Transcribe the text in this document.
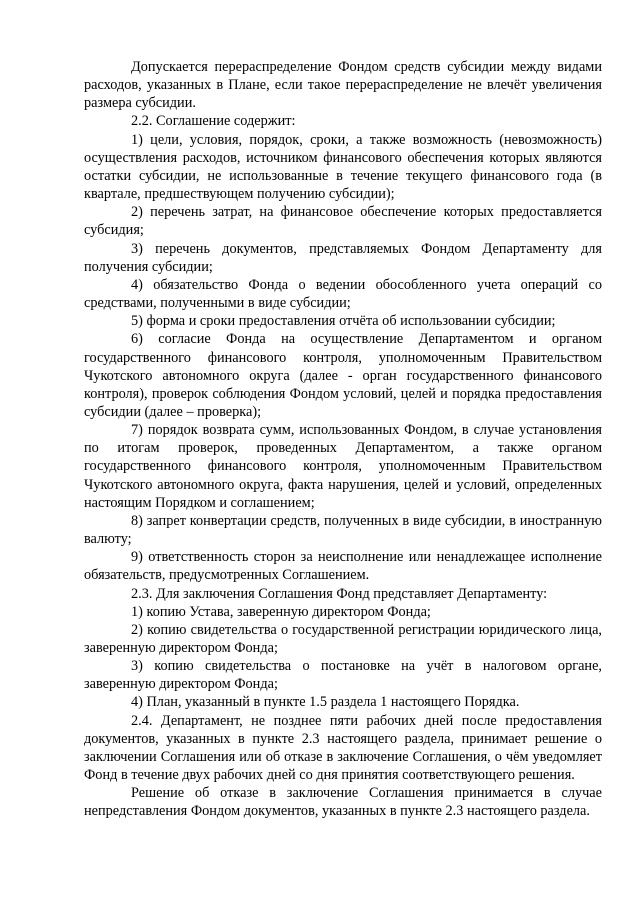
Допускается перераспределение Фондом средств субсидии между видами расходов, указанных в Плане, если такое перераспределение не влечёт увеличения размера субсидии.

2.2. Соглашение содержит:

1) цели, условия, порядок, сроки, а также возможность (невозможность) осуществления расходов, источником финансового обеспечения которых являются остатки субсидии, не использованные в течение текущего финансового года (в квартале, предшествующем получению субсидии);

2) перечень затрат, на финансовое обеспечение которых предоставляется субсидия;

3) перечень документов, представляемых Фондом Департаменту для получения субсидии;

4) обязательство Фонда о ведении обособленного учета операций со средствами, полученными в виде субсидии;

5) форма и сроки предоставления отчёта об использовании субсидии;

6) согласие Фонда на осуществление Департаментом и органом государственного финансового контроля, уполномоченным Правительством Чукотского автономного округа (далее - орган государственного финансового контроля), проверок соблюдения Фондом условий, целей и порядка предоставления субсидии (далее – проверка);

7) порядок возврата сумм, использованных Фондом, в случае установления по итогам проверок, проведенных Департаментом, а также органом государственного финансового контроля, уполномоченным Правительством Чукотского автономного округа, факта нарушения, целей и условий, определенных настоящим Порядком и соглашением;

8) запрет конвертации средств, полученных в виде субсидии, в иностранную валюту;

9) ответственность сторон за неисполнение или ненадлежащее исполнение обязательств, предусмотренных Соглашением.

2.3. Для заключения Соглашения Фонд представляет Департаменту:

1) копию Устава, заверенную директором Фонда;

2) копию свидетельства о государственной регистрации юридического лица, заверенную директором Фонда;

3) копию свидетельства о постановке на учёт в налоговом органе, заверенную директором Фонда;

4) План, указанный в пункте 1.5 раздела 1 настоящего Порядка.

2.4. Департамент, не позднее пяти рабочих дней после предоставления документов, указанных в пункте 2.3 настоящего раздела, принимает решение о заключении Соглашения или об отказе в заключение Соглашения, о чём уведомляет Фонд в течение двух рабочих дней со дня принятия соответствующего решения.

Решение об отказе в заключение Соглашения принимается в случае непредставления Фондом документов, указанных в пункте 2.3 настоящего раздела.
